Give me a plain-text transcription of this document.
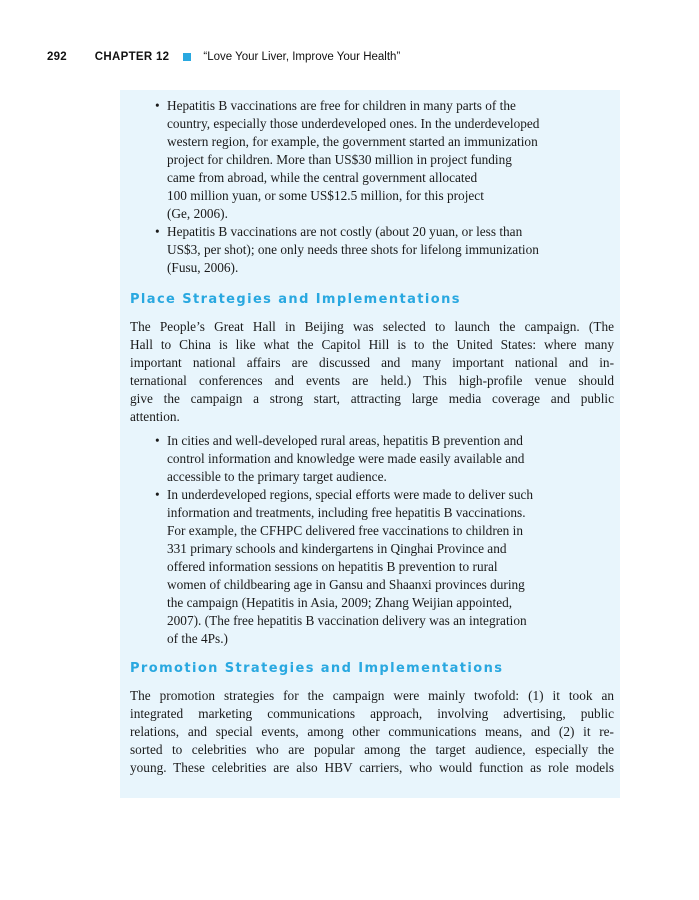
292 CHAPTER 12	“Love Your Liver, Improve Your Health”
• Hepatitis B vaccinations are free for children in many parts of the
country, especially those underdeveloped ones. In the underdeveloped
western region, for example, the government started an immunization
project for children. More than US$30 million in project funding
came from abroad, while the central government allocated
100 million yuan, or some US$12.5 million, for this project
(Ge, 2006).
• Hepatitis B vaccinations are not costly (about 20 yuan, or less than
US$3, per shot); one only needs three shots for lifelong immunization
(Fusu, 2006).
Place Strategies and Implementations
The People’s Great Hall in Beijing was selected to launch the campaign. (The
Hall to China is like what the Capitol Hill is to the United States: where many
important national affairs are discussed and many important national and in-
ternational conferences and events are held.) This high-profile venue should
give the campaign a strong start, attracting large media coverage and public
attention.
• In cities and well-developed rural areas, hepatitis B prevention and
control information and knowledge were made easily available and
accessible to the primary target audience.
• In underdeveloped regions, special efforts were made to deliver such
information and treatments, including free hepatitis B vaccinations.
For example, the CFHPC delivered free vaccinations to children in
331 primary schools and kindergartens in Qinghai Province and
offered information sessions on hepatitis B prevention to rural
women of childbearing age in Gansu and Shaanxi provinces during
the campaign (Hepatitis in Asia, 2009; Zhang Weijian appointed,
2007). (The free hepatitis B vaccination delivery was an integration
of the 4Ps.)
Promotion Strategies and Implementations
The promotion strategies for the campaign were mainly twofold: (1) it took an
integrated marketing communications approach, involving advertising, public
relations, and special events, among other communications means, and (2) it re-
sorted to celebrities who are popular among the target audience, especially the
young. These celebrities are also HBV carriers, who would function as role models
